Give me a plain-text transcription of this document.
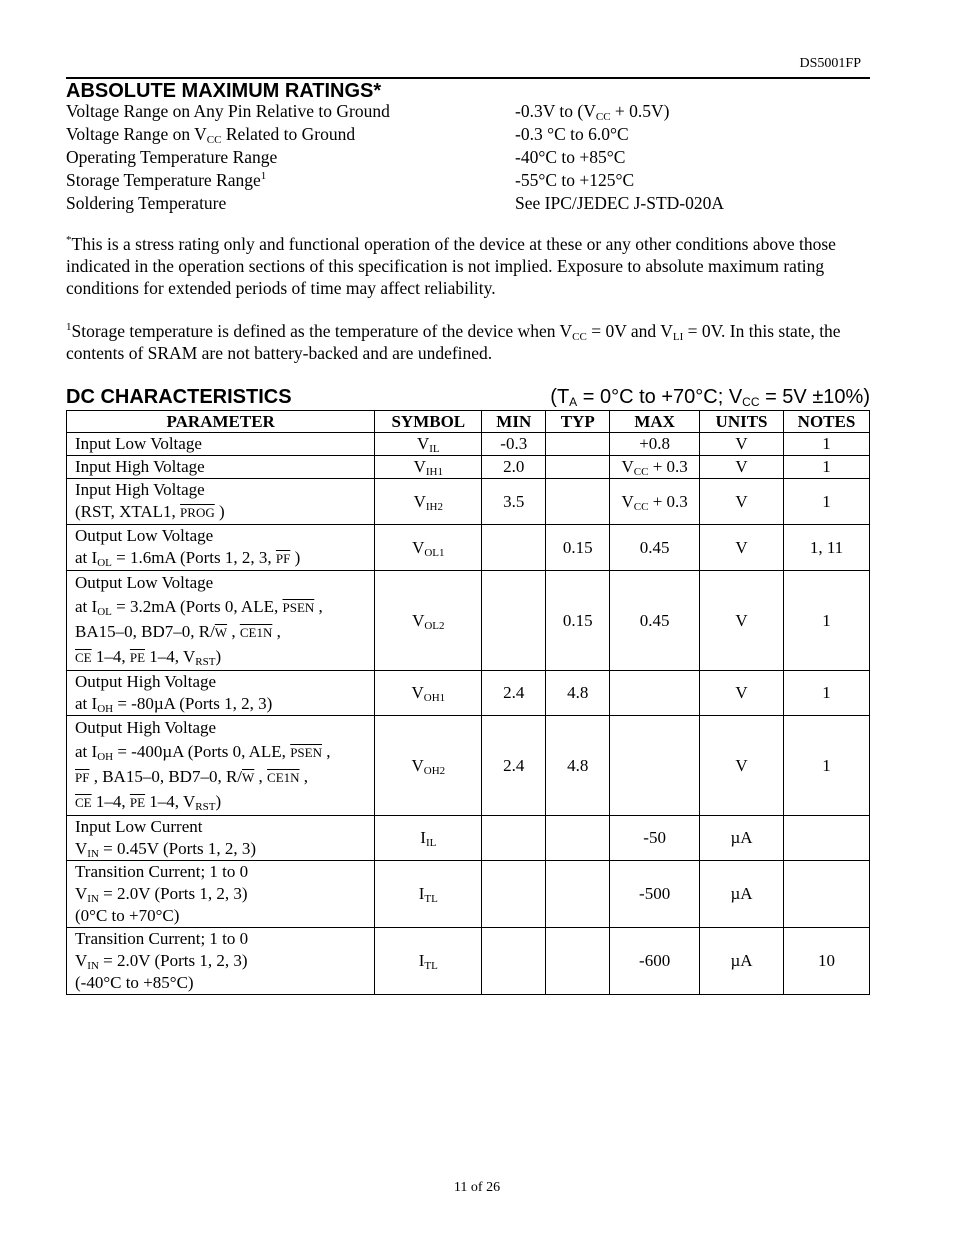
DS5001FP
ABSOLUTE MAXIMUM RATINGS*
Voltage Range on Any Pin Relative to Ground	-0.3V to $(V_{CC} + 0.5V)$
Voltage Range on $V_{CC}$ Related to Ground	-0.3 °C to 6.0°C
Operating Temperature Range	-40°C to +85°C
Storage Temperature Range$^1$	-55°C to +125°C
Soldering Temperature	See IPC/JEDEC J-STD-020A
*This is a stress rating only and functional operation of the device at these or any other conditions above those indicated in the operation sections of this specification is not implied. Exposure to absolute maximum rating conditions for extended periods of time may affect reliability.
$^1$Storage temperature is defined as the temperature of the device when $V_{CC} = 0V$ and $V_{LI} = 0V$. In this state, the contents of SRAM are not battery-backed and are undefined.
DC CHARACTERISTICS	($T_A = 0^\circ C$ to +70°C; $V_{CC} = 5V \pm 10\%$)
PARAMETER	SYMBOL	MIN	TYP	MAX	UNITS	NOTES
Input Low Voltage	$V_{IL}$	-0.3		+0.8	V	1
Input High Voltage	$V_{IH1}$	2.0		$V_{CC} + 0.3$	V	1

Input High Voltage
(RST, XTAL1, PROG )	$V_{IH2}$	3.5		$V_{CC} + 0.3$	V	1

Output Low Voltage
at $I_{OL} = 1.6mA$ (Ports 1, 2, 3, $\overline{PF}$ )	$V_{OL1}$		0.15	0.45	V	1, 11

Output Low Voltage
at $I_{OL} = 3.2mA$ (Ports 0, ALE, PSEN ,
BA15–0, BD7–0, $R/\overline{W}$ , CE1N ,
$\overline{CE}$ 1–4, $\overline{PE}$ 1–4, $V_{RST}$)	$V_{OL2}$		0.15	0.45	V	1

Output High Voltage
at $I_{OH} = -80\mu A$ (Ports 1, 2, 3)	$V_{OH1}$	2.4	4.8		V	1

Output High Voltage
at $I_{OH} = -400\mu A$ (Ports 0, ALE, PSEN ,
$\overline{PF}$ , BA15–0, BD7–0, $R/\overline{W}$ , CE1N ,
$\overline{CE}$ 1–4, $\overline{PE}$ 1–4, $V_{RST}$)	$V_{OH2}$	2.4	4.8		V	1

Input Low Current
$V_{IN} = 0.45V$ (Ports 1, 2, 3)	$I_{IL}$			-50	µA	

Transition Current; 1 to 0
$V_{IN} = 2.0V$ (Ports 1, 2, 3)
(0°C to +70°C)	$I_{TL}$			-500	µA	

Transition Current; 1 to 0
$V_{IN} = 2.0V$ (Ports 1, 2, 3)
(-40°C to +85°C)	$I_{TL}$			-600	µA	10
11 of 26
